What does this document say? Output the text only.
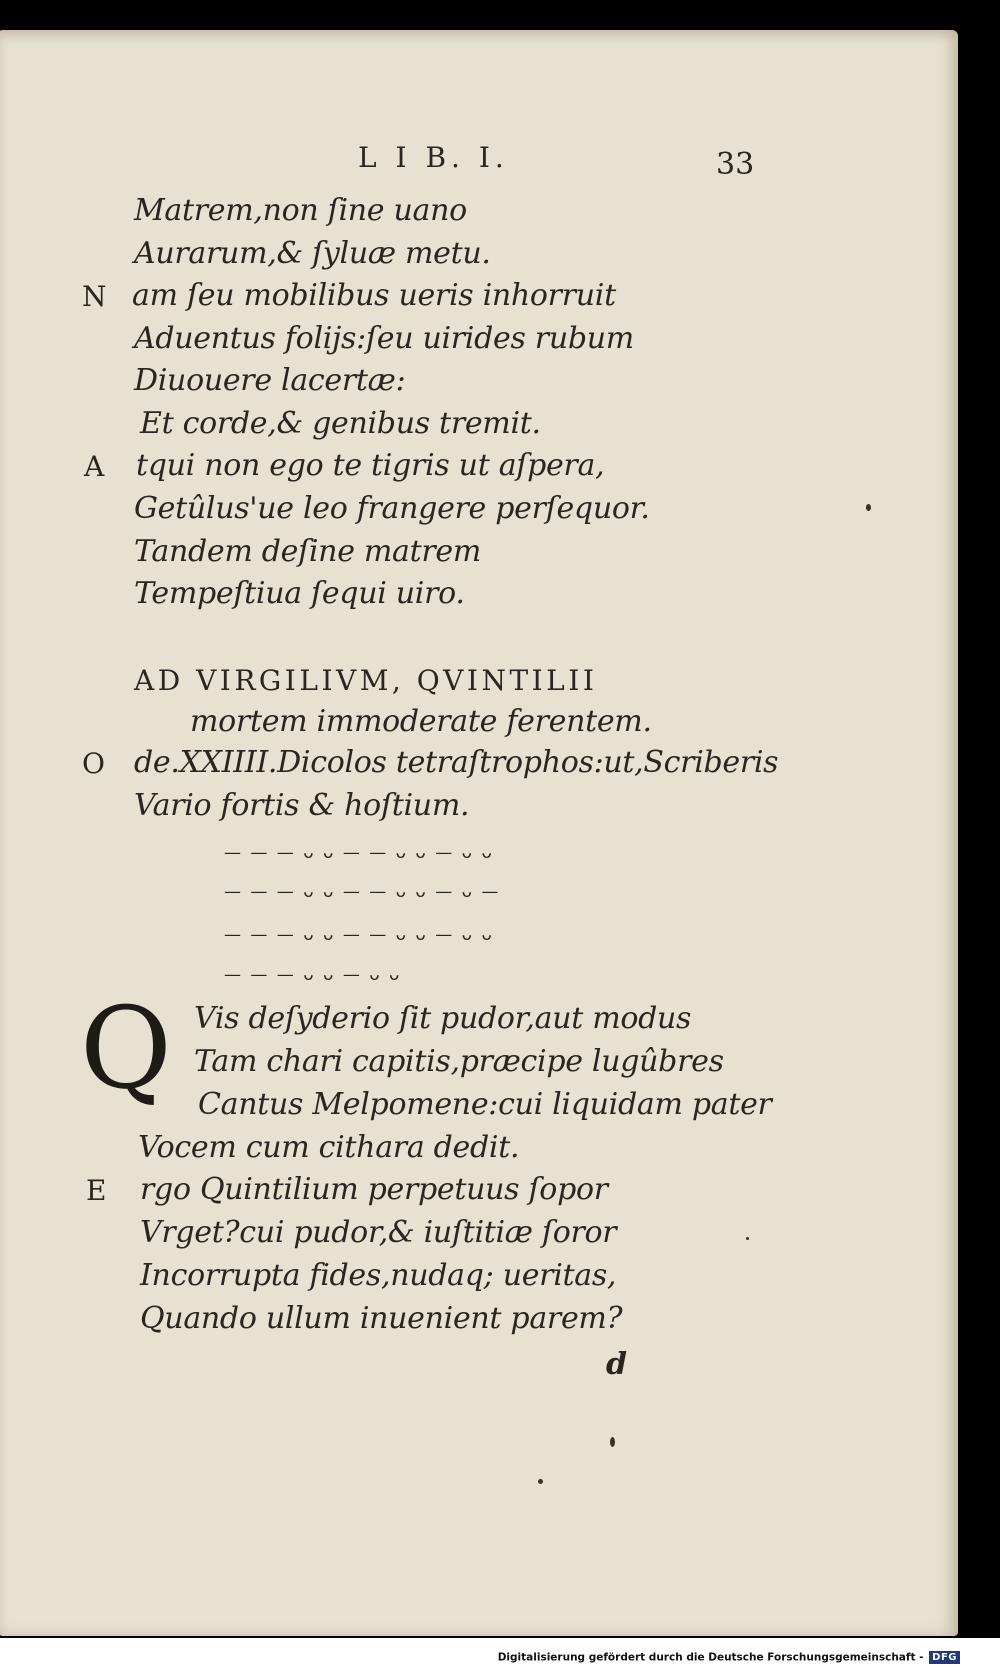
L I B. I.	33
Matrem,non ſine uano
Aurarum,& ſyluæ metu.
N am ſeu mobilibus ueris inhorruit
Aduentus folijs:ſeu uirides rubum
Diuouere lacertæ:
Et corde,& genibus tremit.
A tqui non ego te tigris ut aſpera,
Getûlus'ue leo frangere perſequor.
Tandem deſine matrem
Tempeſtiua ſequi uiro.
AD VIRGILIVM, QVINTILII
mortem immoderate ferentem.
O de.XXIIII.Dicolos tetraſtrophos:ut,Scriberis
Vario fortis & hoſtium.
— — — ᴗ ᴗ — — ᴗ ᴗ — ᴗ ᴗ
— — — ᴗ ᴗ — — ᴗ ᴗ — ᴗ —
— — — ᴗ ᴗ — — ᴗ ᴗ — ᴗ ᴗ
— — — ᴗ ᴗ — ᴗ ᴗ
Q Vis deſyderio ſit pudor,aut modus
Tam chari capitis,præcipe lugûbres
Cantus Melpomene:cui liquidam pater
Vocem cum cithara dedit.
E rgo Quintilium perpetuus ſopor
Vrget?cui pudor,& iuſtitiæ ſoror
Incorrupta fides,nudaq; ueritas,
Quando ullum inuenient parem?
d
Digitalisierung gefördert durch die Deutsche Forschungsgemeinschaft - DFG
